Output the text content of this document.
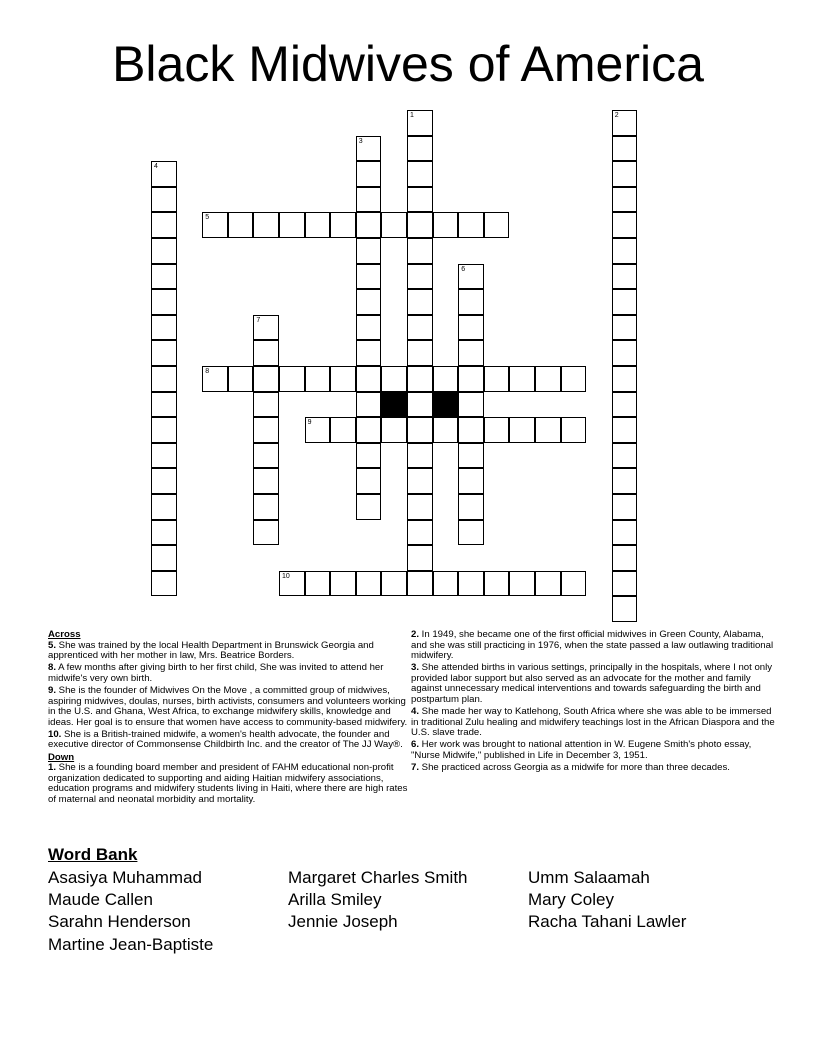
Black Midwives of America
1	2
3
4
5
6
7
8
9
10
Across
5. She was trained by the local Health Department in Brunswick Georgia and apprenticed with her mother in law, Mrs. Beatrice Borders.
8. A few months after giving birth to her first child, She was invited to attend her midwife's very own birth.
9. She is the founder of Midwives On the Move , a committed group of midwives, aspiring midwives, doulas, nurses, birth activists, consumers and volunteers working in the U.S. and Ghana, West Africa, to exchange midwifery skills, knowledge and ideas. Her goal is to ensure that women have access to community-based midwifery.
10. She is a British-trained midwife, a women's health advocate, the founder and executive director of Commonsense Childbirth Inc. and the creator of The JJ Way®.
Down
1. She is a founding board member and president of FAHM educational non-profit organization dedicated to supporting and aiding Haitian midwifery associations, education programs and midwifery students living in Haiti, where there are high rates of maternal and neonatal morbidity and mortality.
2. In 1949, she became one of the first official midwives in Green County, Alabama, and she was still practicing in 1976, when the state passed a law outlawing traditional midwifery.
3. She attended births in various settings, principally in the hospitals, where I not only provided labor support but also served as an advocate for the mother and family against unnecessary medical interventions and towards safeguarding the birth and postpartum plan.
4. She made her way to Katlehong, South Africa where she was able to be immersed in traditional Zulu healing and midwifery teachings lost in the African Diaspora and the U.S. slave trade.
6. Her work was brought to national attention in W. Eugene Smith's photo essay, "Nurse Midwife," published in Life in December 3, 1951.
7. She practiced across Georgia as a midwife for more than three decades.
Word Bank
Asasiya Muhammad
Maude Callen
Sarahn Henderson
Martine Jean-Baptiste
Margaret Charles Smith
Arilla Smiley
Jennie Joseph
Umm Salaamah
Mary Coley
Racha Tahani Lawler
